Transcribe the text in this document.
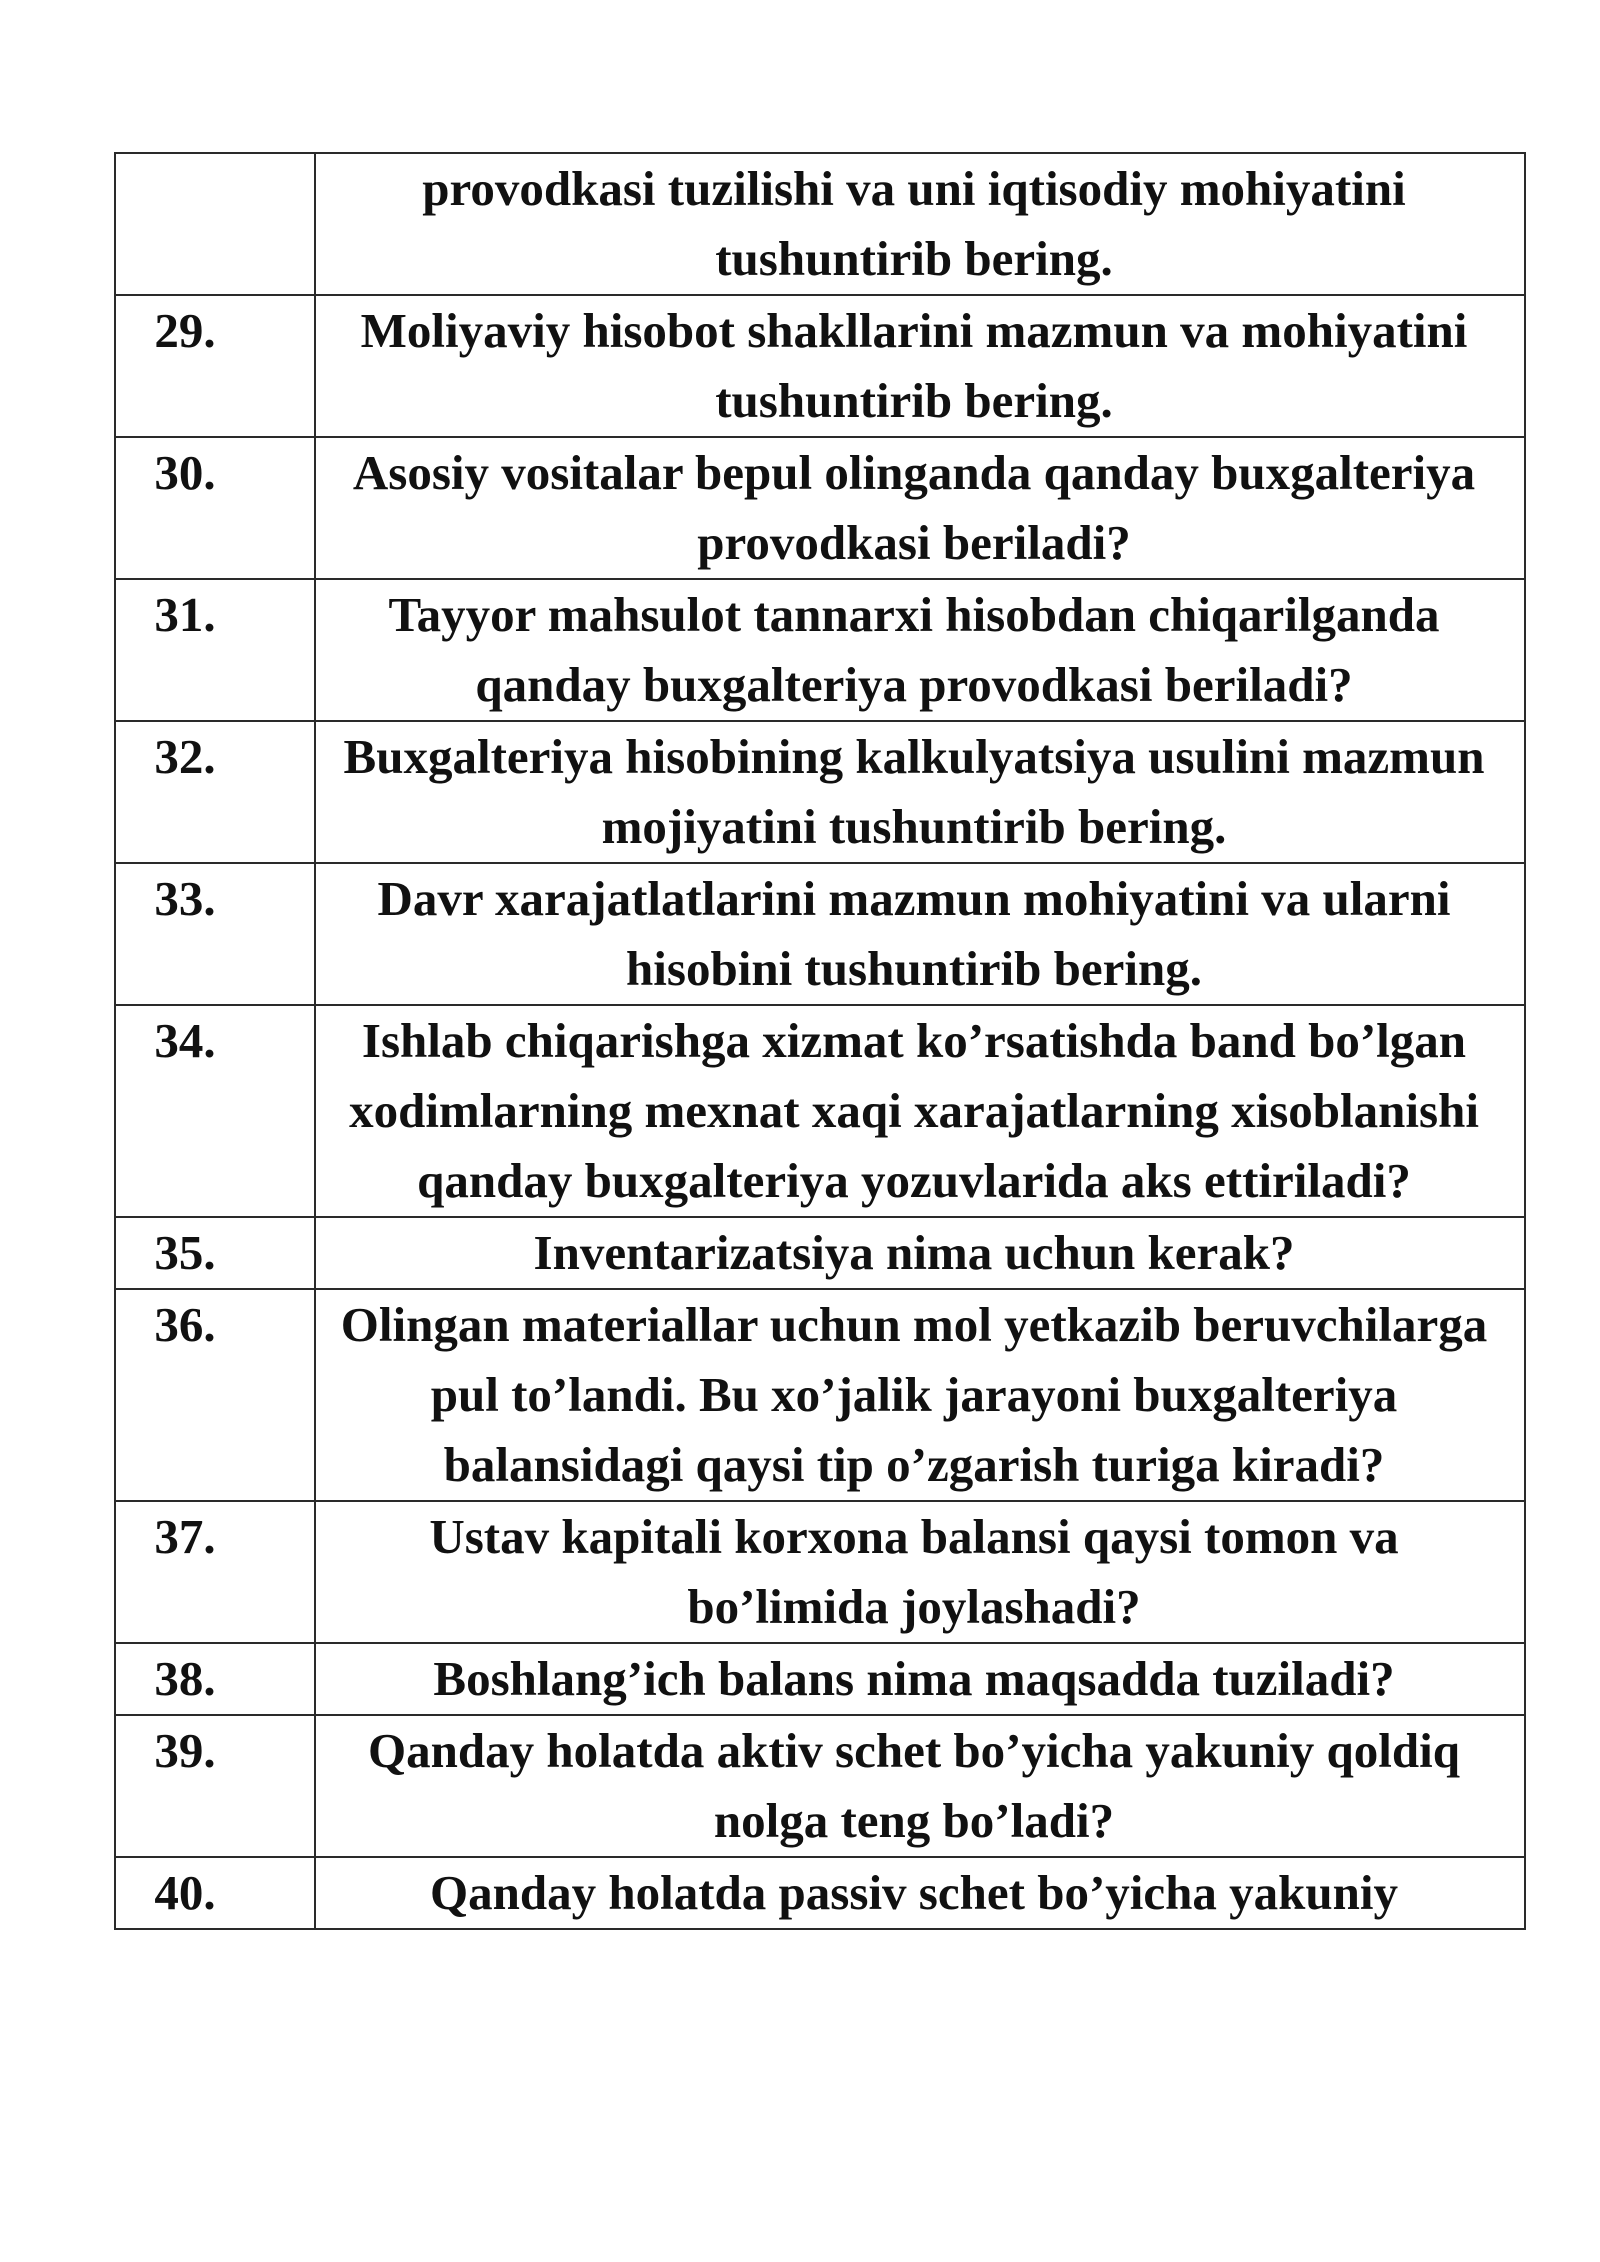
	provodkasi tuzilishi va uni iqtisodiy mohiyatini tushuntirib bering.

29.	Moliyaviy hisobot shakllarini mazmun va mohiyatini tushuntirib bering.

30.	Asosiy vositalar bepul olinganda qanday buxgalteriya provodkasi beriladi?

31.	Tayyor mahsulot tannarxi hisobdan chiqarilganda qanday buxgalteriya provodkasi beriladi?

32.	Buxgalteriya hisobining kalkulyatsiya usulini mazmun mojiyatini tushuntirib bering.

33.	Davr xarajatlatlarini mazmun mohiyatini va ularni hisobini tushuntirib bering.

34.	Ishlab chiqarishga xizmat ko’rsatishda band bo’lgan xodimlarning mexnat xaqi xarajatlarning xisoblanishi qanday buxgalteriya yozuvlarida aks ettiriladi?

35.	Inventarizatsiya nima uchun kerak?

36.	Olingan materiallar uchun mol yetkazib beruvchilarga pul to’landi. Bu xo’jalik jarayoni buxgalteriya balansidagi qaysi tip o’zgarish turiga kiradi?

37.	Ustav kapitali korxona balansi qaysi tomon va bo’limida joylashadi?

38.	Boshlang’ich balans nima maqsadda tuziladi?

39.	Qanday holatda aktiv schet bo’yicha yakuniy qoldiq nolga teng bo’ladi?

40.	Qanday holatda passiv schet bo’yicha yakuniy
